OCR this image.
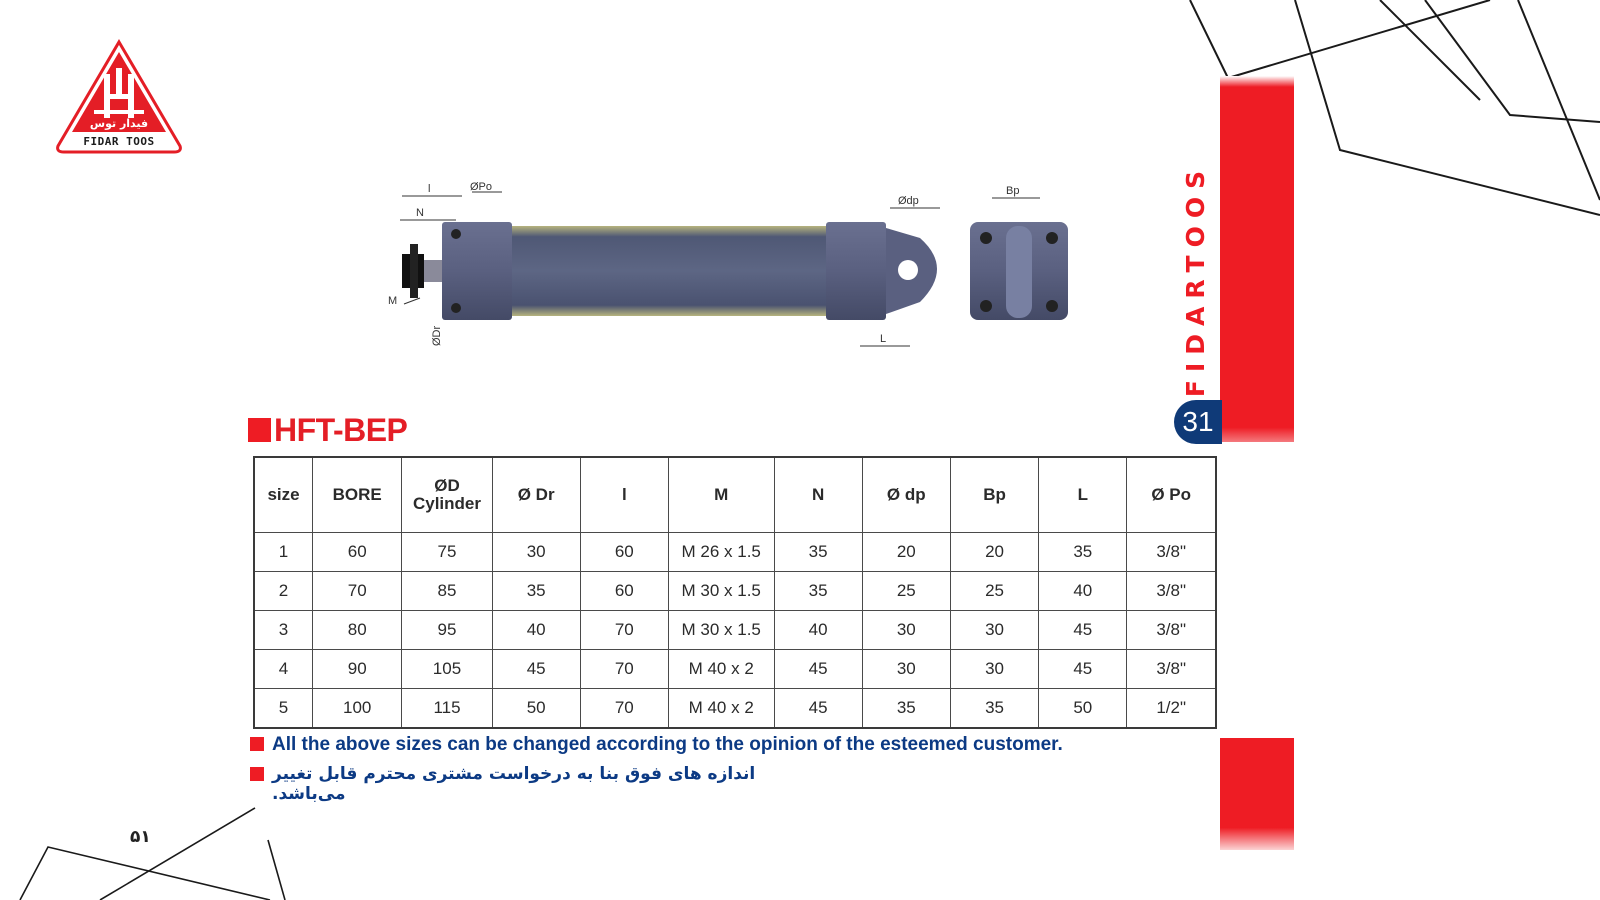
فیدار توس
FIDAR TOOS
l	ØPo
N
M
Ødp
Bp
L
ØDr	FIDARTOOS
31
HFT-BEP
size	BORE	ØD
Cylinder	Ø Dr	l	M	N	Ø dp	Bp	L	Ø Po

1	60	75	30	60	M 26 x 1.5	35	20	20	35	3/8"
2	70	85	35	60	M 30 x 1.5	35	25	25	40	3/8"
3	80	95	40	70	M 30 x 1.5	40	30	30	45	3/8"
4	90	105	45	70	M 40 x 2	45	30	30	45	3/8"
5	100	115	50	70	M 40 x 2	45	35	35	50	1/2"
All the above sizes can be changed according to the opinion of the esteemed customer.
اندازه های فوق بنا به درخواست مشتری محترم قابل تغییر می‌باشد.
۵۱
